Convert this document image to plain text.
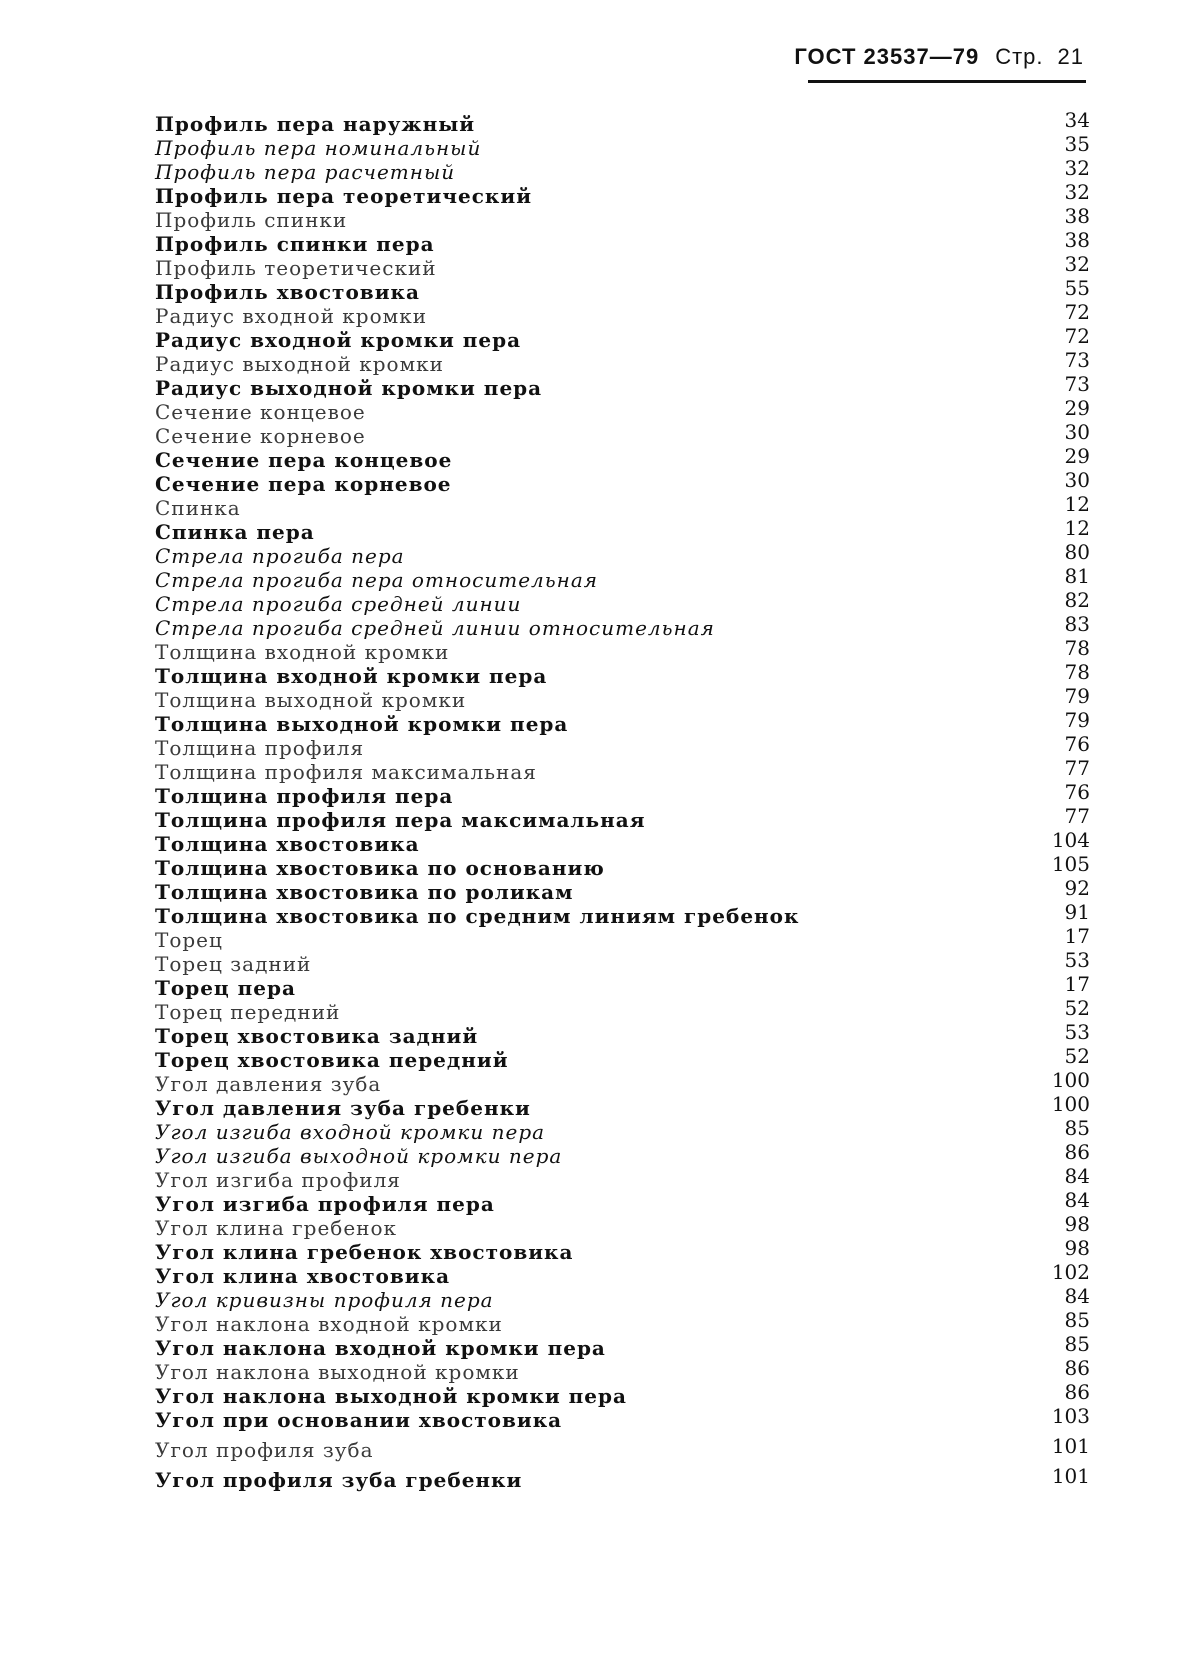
ГОСТ 23537—79 Стр. 21
Профиль пера наружный	34
Профиль пера номинальный	35
Профиль пера расчетный	32
Профиль пера теоретический	32
Профиль спинки	38
Профиль спинки пера	38
Профиль теоретический	32
Профиль хвостовика	55
Радиус входной кромки	72
Радиус входной кромки пера	72
Радиус выходной кромки	73
Радиус выходной кромки пера	73
Сечение концевое	29
Сечение корневое	30
Сечение пера концевое	29
Сечение пера корневое	30
Спинка	12
Спинка пера	12
Стрела прогиба пера	80
Стрела прогиба пера относительная	81
Стрела прогиба средней линии	82
Стрела прогиба средней линии относительная	83
Толщина входной кромки	78
Толщина входной кромки пера	78
Толщина выходной кромки	79
Толщина выходной кромки пера	79
Толщина профиля	76
Толщина профиля максимальная	77
Толщина профиля пера	76
Толщина профиля пера максимальная	77
Толщина хвостовика	104
Толщина хвостовика по основанию	105
Толщина хвостовика по роликам	92
Толщина хвостовика по средним линиям гребенок	91
Торец	17
Торец задний	53
Торец пера	17
Торец передний	52
Торец хвостовика задний	53
Торец хвостовика передний	52
Угол давления зуба	100
Угол давления зуба гребенки	100
Угол изгиба входной кромки пера	85
Угол изгиба выходной кромки пера	86
Угол изгиба профиля	84
Угол изгиба профиля пера	84
Угол клина гребенок	98
Угол клина гребенок хвостовика	98
Угол клина хвостовика	102
Угол кривизны профиля пера	84
Угол наклона входной кромки	85
Угол наклона входной кромки пера	85
Угол наклона выходной кромки	86
Угол наклона выходной кромки пера	86
Угол при основании хвостовика	103
Угол профиля зуба	101
Угол профиля зуба гребенки	101
